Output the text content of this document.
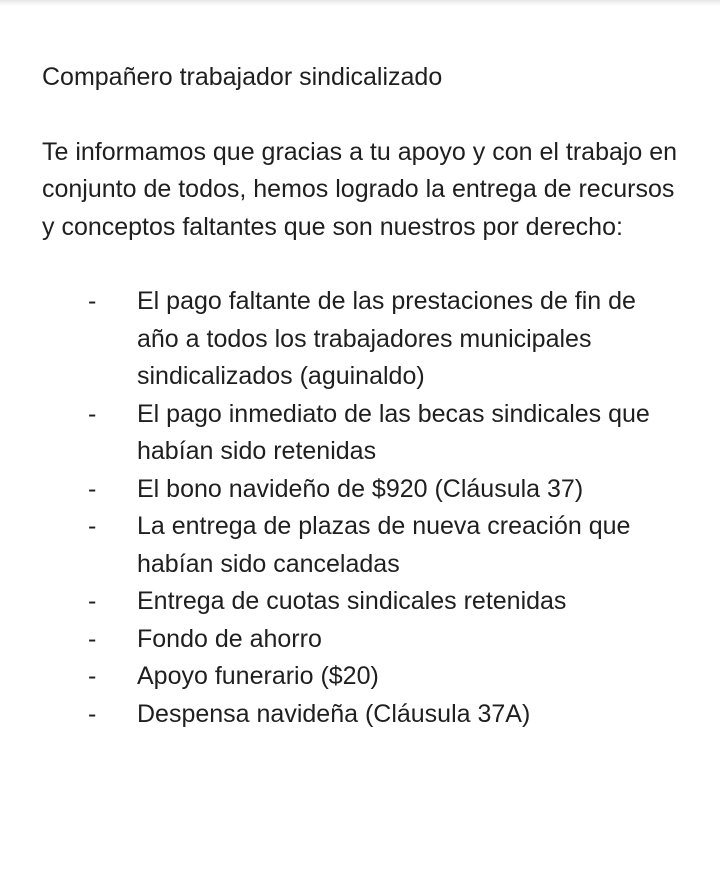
Compañero trabajador sindicalizado

Te informamos que gracias a tu apoyo y con el trabajo en conjunto de todos, hemos logrado la entrega de recursos y conceptos faltantes que son nuestros por derecho:

- El pago faltante de las prestaciones de fin de año a todos los trabajadores municipales sindicalizados (aguinaldo)
- El pago inmediato de las becas sindicales que habían sido retenidas
- El bono navideño de $920 (Cláusula 37)
- La entrega de plazas de nueva creación que habían sido canceladas
- Entrega de cuotas sindicales retenidas
- Fondo de ahorro
- Apoyo funerario ($20)
- Despensa navideña (Cláusula 37A)
